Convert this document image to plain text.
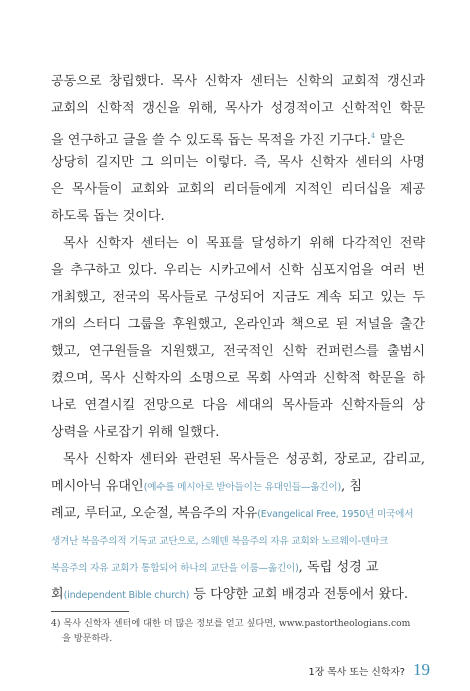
공동으로 창립했다. 목사 신학자 센터는 신학의 교회적 갱신과
교회의 신학적 갱신을 위해, 목사가 성경적이고 신학적인 학문
을 연구하고 글을 쓸 수 있도록 돕는 목적을 가진 기구다.$^4$ 말은
상당히 길지만 그 의미는 이렇다. 즉, 목사 신학자 센터의 사명
은 목사들이 교회와 교회의 리더들에게 지적인 리더십을 제공
하도록 돕는 것이다.
목사 신학자 센터는 이 목표를 달성하기 위해 다각적인 전략
을 추구하고 있다. 우리는 시카고에서 신학 심포지엄을 여러 번
개최했고, 전국의 목사들로 구성되어 지금도 계속 되고 있는 두
개의 스터디 그룹을 후원했고, 온라인과 책으로 된 저널을 출간
했고, 연구원들을 지원했고, 전국적인 신학 컨퍼런스를 출범시
켰으며, 목사 신학자의 소명으로 목회 사역과 신학적 학문을 하
나로 연결시킬 전망으로 다음 세대의 목사들과 신학자들의 상
상력을 사로잡기 위해 일했다.
목사 신학자 센터와 관련된 목사들은 성공회, 장로교, 감리교,
메시아닉 유대인(예수를 메시아로 받아들이는 유대인들—옮긴이), 침
례교, 루터교, 오순절, 복음주의 자유(Evangelical Free, 1950년 미국에서
생겨난 복음주의적 기독교 교단으로, 스웨덴 복음주의 자유 교회와 노르웨이-덴마크
복음주의 자유 교회가 통합되어 하나의 교단을 이룸—옮긴이), 독립 성경 교
회(independent Bible church) 등 다양한 교회 배경과 전통에서 왔다.
4) 목사 신학자 센터에 대한 더 많은 정보를 얻고 싶다면, www.pastortheologians.com
을 방문하라.
1장 목사 또는 신학자? 19
